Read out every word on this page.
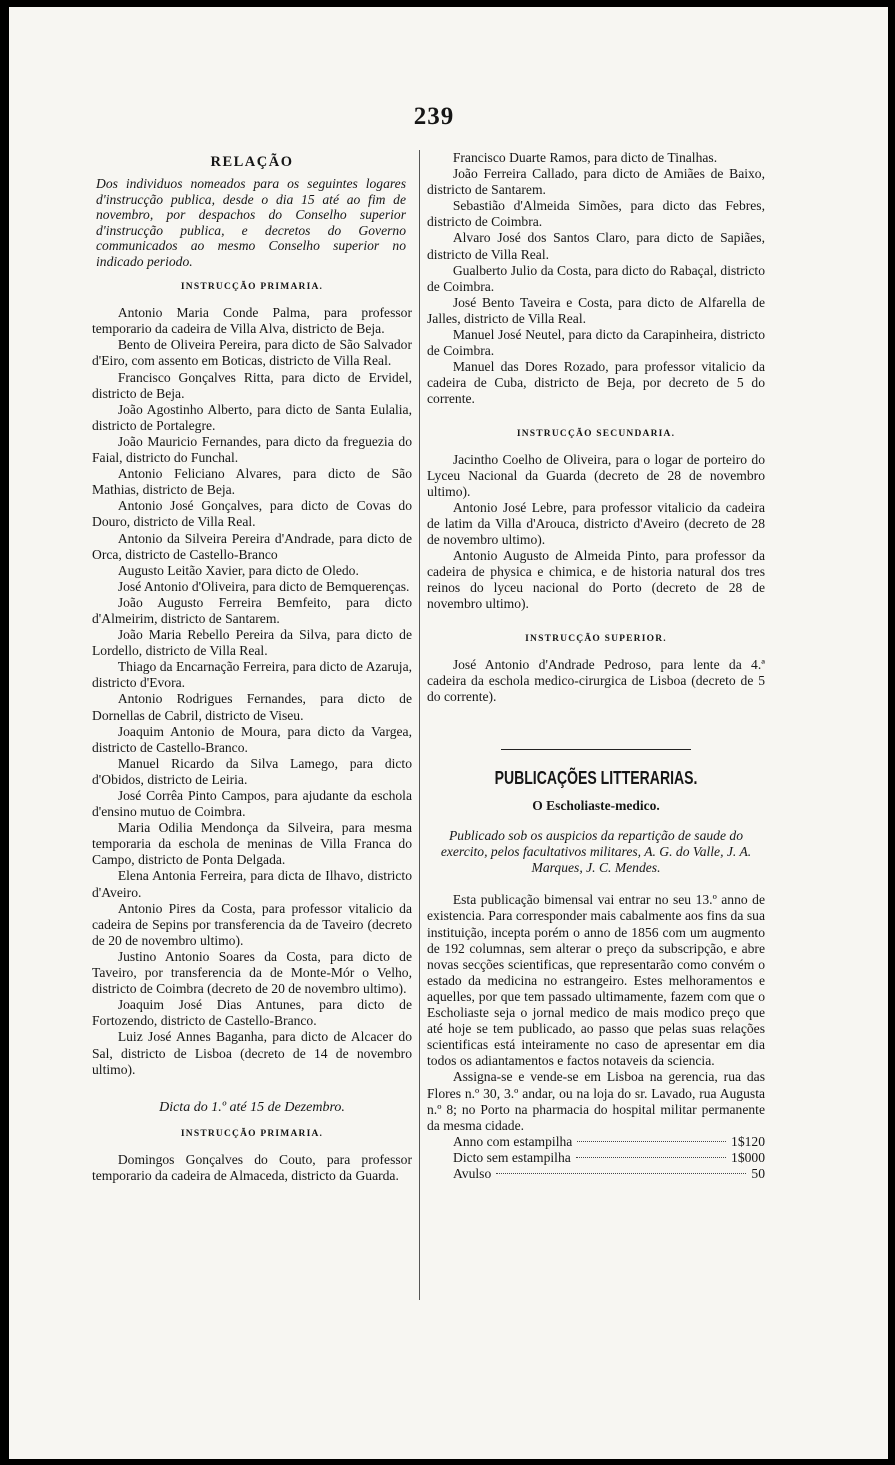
239
RELAÇÃO

Dos individuos nomeados para os seguintes logares d'instrucção publica, desde o dia 15 até ao fim de novembro, por despachos do Conselho superior d'instrucção publica, e decretos do Governo communicados ao mesmo Conselho superior no indicado periodo.

INSTRUCÇÃO PRIMARIA.

Antonio Maria Conde Palma, para professor temporario da cadeira de Villa Alva, districto de Beja.

Bento de Oliveira Pereira, para dicto de São Salvador d'Eiro, com assento em Boticas, districto de Villa Real.

Francisco Gonçalves Ritta, para dicto de Ervidel, districto de Beja.

João Agostinho Alberto, para dicto de Santa Eulalia, districto de Portalegre.

João Mauricio Fernandes, para dicto da freguezia do Faial, districto do Funchal.

Antonio Feliciano Alvares, para dicto de São Mathias, districto de Beja.

Antonio José Gonçalves, para dicto de Covas do Douro, districto de Villa Real.

Antonio da Silveira Pereira d'Andrade, para dicto de Orca, districto de Castello-Branco

Augusto Leitão Xavier, para dicto de Oledo.

José Antonio d'Oliveira, para dicto de Bemquerenças.

João Augusto Ferreira Bemfeito, para dicto d'Almeirim, districto de Santarem.

João Maria Rebello Pereira da Silva, para dicto de Lordello, districto de Villa Real.

Thiago da Encarnação Ferreira, para dicto de Azaruja, districto d'Evora.

Antonio Rodrigues Fernandes, para dicto de Dornellas de Cabril, districto de Viseu.

Joaquim Antonio de Moura, para dicto da Vargea, districto de Castello-Branco.

Manuel Ricardo da Silva Lamego, para dicto d'Obidos, districto de Leiria.

José Corrêa Pinto Campos, para ajudante da eschola d'ensino mutuo de Coimbra.

Maria Odilia Mendonça da Silveira, para mesma temporaria da eschola de meninas de Villa Franca do Campo, districto de Ponta Delgada.

Elena Antonia Ferreira, para dicta de Ilhavo, districto d'Aveiro.

Antonio Pires da Costa, para professor vitalicio da cadeira de Sepins por transferencia da de Taveiro (decreto de 20 de novembro ultimo).

Justino Antonio Soares da Costa, para dicto de Taveiro, por transferencia da de Monte-Mór o Velho, districto de Coimbra (decreto de 20 de novembro ultimo).

Joaquim José Dias Antunes, para dicto de Fortozendo, districto de Castello-Branco.

Luiz José Annes Baganha, para dicto de Alcacer do Sal, districto de Lisboa (decreto de 14 de novembro ultimo).

Dicta do 1.º até 15 de Dezembro.
INSTRUCÇÃO PRIMARIA.

Domingos Gonçalves do Couto, para professor temporario da cadeira de Almaceda, districto da Guarda.

Francisco Duarte Ramos, para dicto de Tinalhas.

João Ferreira Callado, para dicto de Amiães de Baixo, districto de Santarem.

Sebastião d'Almeida Simões, para dicto das Febres, districto de Coimbra.

Alvaro José dos Santos Claro, para dicto de Sapiães, districto de Villa Real.

Gualberto Julio da Costa, para dicto do Rabaçal, districto de Coimbra.

José Bento Taveira e Costa, para dicto de Alfarella de Jalles, districto de Villa Real.

Manuel José Neutel, para dicto da Carapinheira, districto de Coimbra.

Manuel das Dores Rozado, para professor vitalicio da cadeira de Cuba, districto de Beja, por decreto de 5 do corrente.

INSTRUCÇÃO SECUNDARIA.

Jacintho Coelho de Oliveira, para o logar de porteiro do Lyceu Nacional da Guarda (decreto de 28 de novembro ultimo).

Antonio José Lebre, para professor vitalicio da cadeira de latim da Villa d'Arouca, districto d'Aveiro (decreto de 28 de novembro ultimo).

Antonio Augusto de Almeida Pinto, para professor da cadeira de physica e chimica, e de historia natural dos tres reinos do lyceu nacional do Porto (decreto de 28 de novembro ultimo).

INSTRUCÇÃO SUPERIOR.

José Antonio d'Andrade Pedroso, para lente da 4.ª cadeira da eschola medico-cirurgica de Lisboa (decreto de 5 do corrente).

PUBLICAÇÕES LITTERARIAS.
O Escholiaste-medico.

Publicado sob os auspicios da repartição de saude do exercito, pelos facultativos militares, A. G. do Valle, J. A. Marques, J. C. Mendes.

Esta publicação bimensal vai entrar no seu 13.º anno de existencia. Para corresponder mais cabalmente aos fins da sua instituição, incepta porém o anno de 1856 com um augmento de 192 columnas, sem alterar o preço da subscripção, e abre novas secções scientificas, que representarão como convém o estado da medicina no estrangeiro. Estes melhoramentos e aquelles, por que tem passado ultimamente, fazem com que o Escholiaste seja o jornal medico de mais modico preço que até hoje se tem publicado, ao passo que pelas suas relações scientificas está inteiramente no caso de apresentar em dia todos os adiantamentos e factos notaveis da sciencia.

Assigna-se e vende-se em Lisboa na gerencia, rua das Flores n.º 30, 3.º andar, ou na loja do sr. Lavado, rua Augusta n.º 8; no Porto na pharmacia do hospital militar permanente da mesma cidade.

Anno com estampilha	1$120
Dicto sem estampilha	1$000
Avulso	50
